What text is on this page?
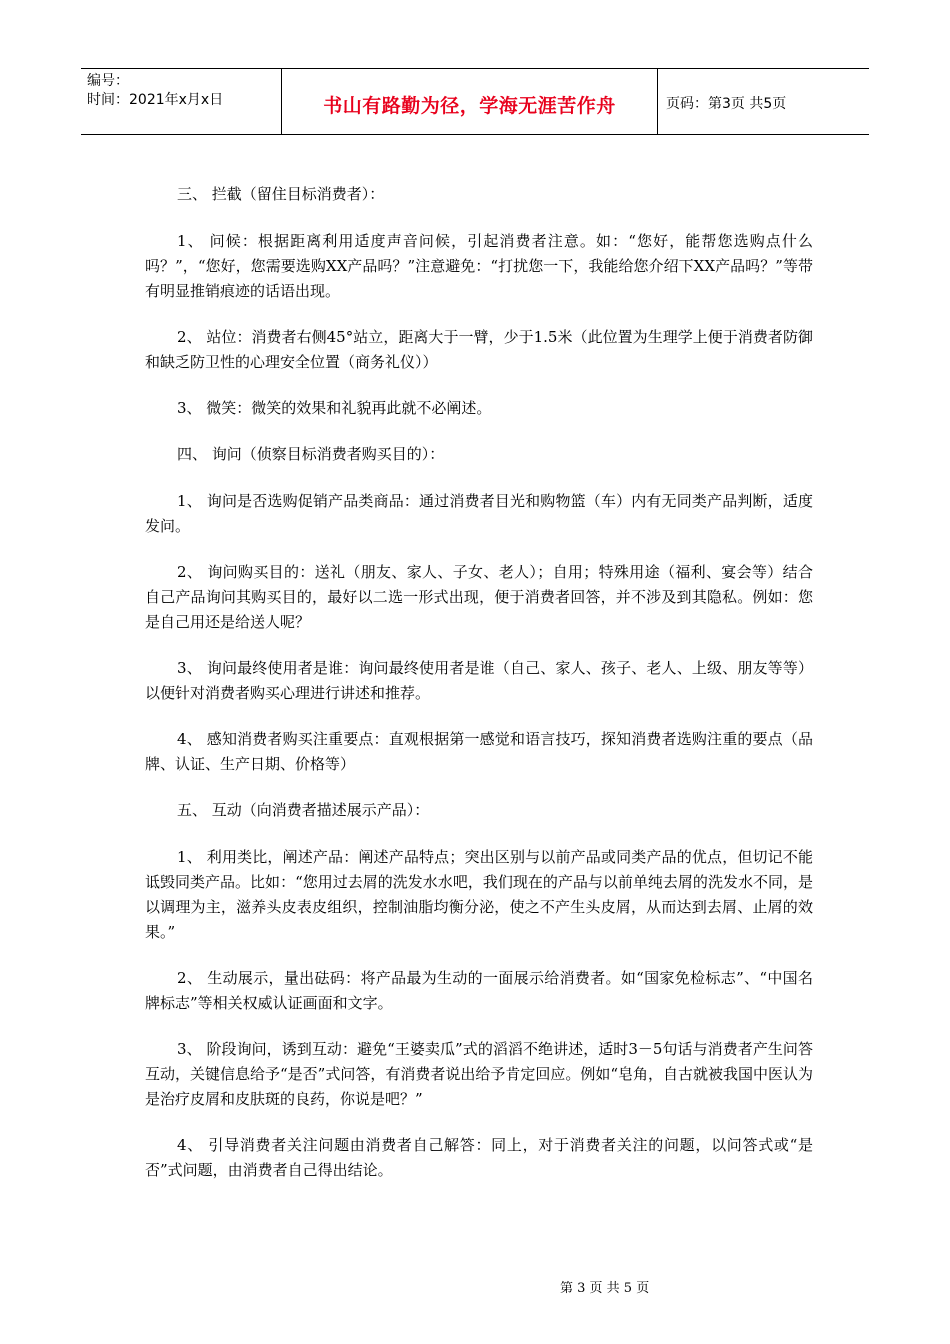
编号：
时间：2021年x月x日	书山有路勤为径，学海无涯苦作舟	页码：第3页 共5页

三、 拦截（留住目标消费者）：

1、 问候：根据距离利用适度声音问候，引起消费者注意。如：“您好，能帮您选购点什么吗？”，“您好，您需要选购XX产品吗？”注意避免：“打扰您一下，我能给您介绍下XX产品吗？”等带有明显推销痕迹的话语出现。

2、 站位：消费者右侧45°站立，距离大于一臂，少于1.5米（此位置为生理学上便于消费者防御和缺乏防卫性的心理安全位置（商务礼仪））

3、 微笑：微笑的效果和礼貌再此就不必阐述。

四、 询问（侦察目标消费者购买目的）：

1、 询问是否选购促销产品类商品：通过消费者目光和购物篮（车）内有无同类产品判断，适度发问。

2、 询问购买目的：送礼（朋友、家人、子女、老人）；自用；特殊用途（福利、宴会等）结合自己产品询问其购买目的，最好以二选一形式出现，便于消费者回答，并不涉及到其隐私。例如：您是自己用还是给送人呢？

3、 询问最终使用者是谁：询问最终使用者是谁（自己、家人、孩子、老人、上级、朋友等等）以便针对消费者购买心理进行讲述和推荐。

4、 感知消费者购买注重要点：直观根据第一感觉和语言技巧，探知消费者选购注重的要点（品牌、认证、生产日期、价格等）

五、 互动（向消费者描述展示产品）：

1、 利用类比，阐述产品：阐述产品特点；突出区别与以前产品或同类产品的优点，但切记不能诋毁同类产品。比如：“您用过去屑的洗发水水吧，我们现在的产品与以前单纯去屑的洗发水不同，是以调理为主，滋养头皮表皮组织，控制油脂均衡分泌，使之不产生头皮屑，从而达到去屑、止屑的效果。”

2、 生动展示，量出砝码：将产品最为生动的一面展示给消费者。如“国家免检标志”、“中国名牌标志”等相关权威认证画面和文字。

3、 阶段询问，诱到互动：避免“王婆卖瓜”式的滔滔不绝讲述，适时3－5句话与消费者产生问答互动，关键信息给予“是否”式问答，有消费者说出给予肯定回应。例如“皂角，自古就被我国中医认为是治疗皮屑和皮肤斑的良药，你说是吧？”

4、 引导消费者关注问题由消费者自己解答：同上，对于消费者关注的问题，以问答式或“是否”式问题，由消费者自己得出结论。

第 3 页 共 5 页
